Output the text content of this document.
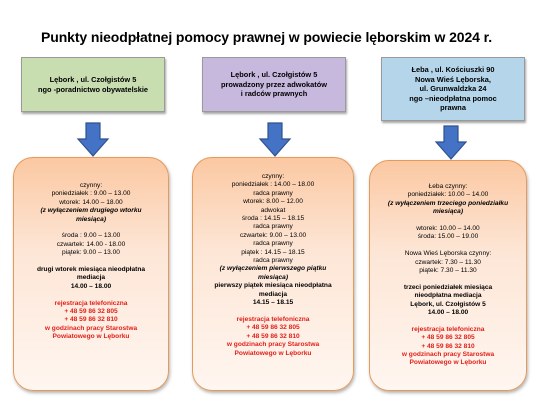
Punkty nieodpłatnej pomocy prawnej w powiecie lęborskim w 2024 r.
Lębork , ul. Czołgistów 5
ngo -poradnictwo obywatelskie
czynny:
poniedziałek : 9.00 – 13.00
wtorek: 14.00 – 18.00
(z wyłączeniem drugiego wtorku
miesiąca)
środa : 9.00 – 13.00
czwartek: 14.00 - 18.00
piątek: 9.00 – 13.00
drugi wtorek miesiąca nieodpłatna
mediacja
14.00 – 18.00
rejestracja telefoniczna
+ 48 59 86 32 805
+ 48 59 86 32 810
w godzinach pracy Starostwa
Powiatowego w Lęborku
Lębork , ul. Czołgistów 5
prowadzony przez adwokatów
i radców prawnych
czynny:
poniedziałek : 14.00 – 18.00
radca prawny
wtorek: 8.00 – 12.00
adwokat
środa : 14.15 – 18.15
radca prawny
czwartek: 9.00 – 13.00
radca prawny
piątek : 14.15 – 18.15
radca prawny
(z wyłączeniem pierwszego piątku
miesiąca)
pierwszy piątek miesiąca nieodpłatna
mediacja
14.15 – 18.15
rejestracja telefoniczna
+ 48 59 86 32 805
+ 48 59 86 32 810
w godzinach pracy Starostwa
Powiatowego w Lęborku
Łeba , ul. Kościuszki 90
Nowa Wieś Lęborska,
ul. Grunwaldzka 24
ngo –nieodpłatna pomoc
prawna
Łeba czynny:
poniedziałek: 10.00 – 14.00
(z wyłączeniem trzeciego poniedziałku
miesiąca)
wtorek: 10.00 – 14.00
środa: 15.00 – 19.00
Nowa Wieś Lęborska czynny:
czwartek: 7.30 – 11.30
piątek: 7.30 – 11.30
trzeci poniedziałek miesiąca
nieodpłatna mediacja
Lębork, ul. Czołgistów 5
14.00 – 18.00
rejestracja telefoniczna
+ 48 59 86 32 805
+ 48 59 86 32 810
w godzinach pracy Starostwa
Powiatowego w Lęborku
